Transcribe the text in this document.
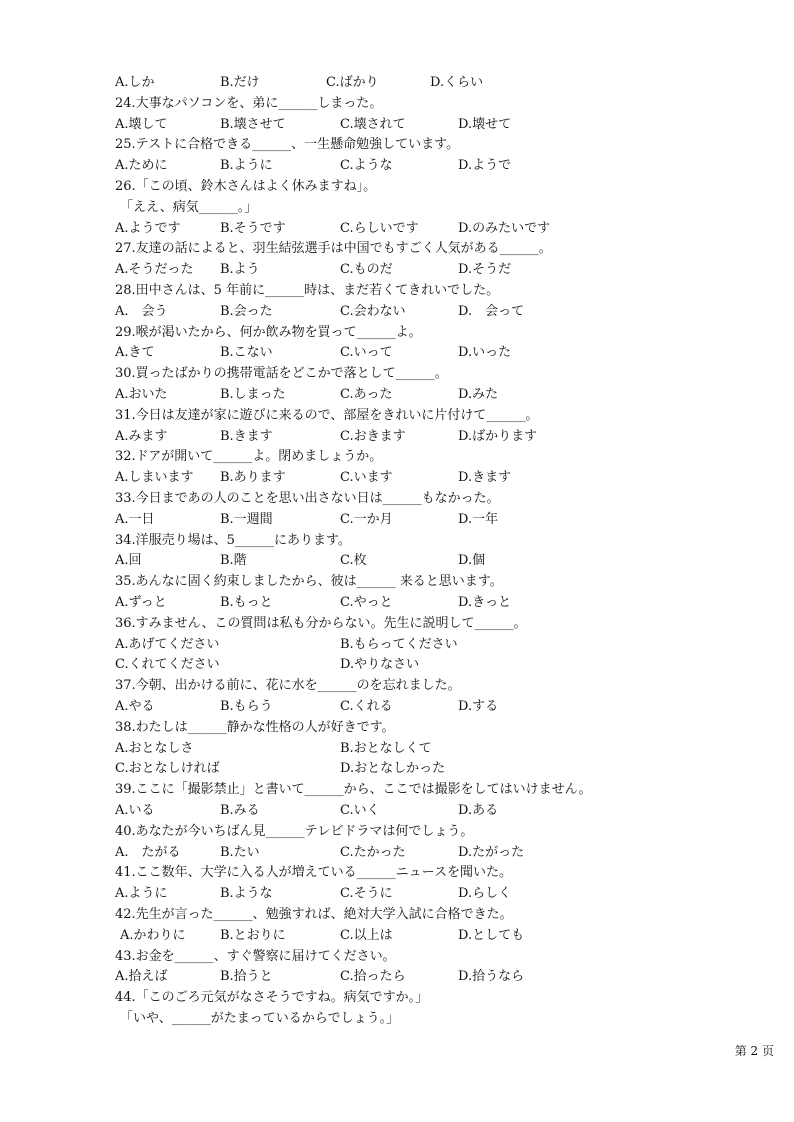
A.しか	B.だけ	C.ばかり	D.くらい
24.大事なパソコンを、弟に______しまった。
A.壊して	B.壊させて	C.壊されて	D.壊せて
25.テストに合格できる______、一生懸命勉強しています。
A.ために	B.ように	C.ような	D.ようで
26.「この頃、鈴木さんはよく休みますね」。
「ええ、病気______。」
A.ようです	B.そうです	C.らしいです	D.のみたいです
27.友達の話によると、羽生結弦選手は中国でもすごく人気がある______。
A.そうだった B.よう	C.ものだ	D.そうだ
28.田中さんは、5 年前に______時は、まだ若くてきれいでした。
A.　会う	B.会った	C.会わない	D.　会って
29.喉が渇いたから、何か飲み物を買って______よ。
A.きて	B.こない	C.いって	D.いった
30.買ったばかりの携帯電話をどこかで落として______。
A.おいた	B.しまった	C.あった	D.みた
31.今日は友達が家に遊びに来るので、部屋をきれいに片付けて______。
A.みます	B.きます	C.おきます	D.ばかります
32.ドアが開いて______よ。閉めましょうか。
A.しまいます B.あります	C.います	D.きます
33.今日まであの人のことを思い出さない日は______もなかった。
A.一日	B.一週間	C.一か月	D.一年
34.洋服売り場は、5______にあります。
A.回	B.階	C.枚	D.個
35.あんなに固く約束しましたから、彼は______ 来ると思います。
A.ずっと	B.もっと	C.やっと	D.きっと
36.すみません、この質問は私も分からない。先生に説明して______。
A.あげてください	B.もらってください
C.くれてください	D.やりなさい
37.今朝、出かける前に、花に水を______のを忘れました。
A.やる	B.もらう	C.くれる	D.する
38.わたしは______静かな性格の人が好きです。
A.おとなしさ	B.おとなしくて
C.おとなしければ	D.おとなしかった
39.ここに「撮影禁止」と書いて______から、ここでは撮影をしてはいけません。
A.いる	B.みる	C.いく	D.ある
40.あなたが今いちばん見______テレビドラマは何でしょう。
A.　たがる	B.たい	C.たかった	D.たがった
41.ここ数年、大学に入る人が増えている______ニュースを聞いた。
A.ように	B.ような	C.そうに	D.らしく
42.先生が言った______、勉強すれば、絶対大学入試に合格できた。
A.かわりに	B.とおりに	C.以上は	D.としても
43.お金を______、すぐ警察に届けてください。
A.拾えば	B.拾うと	C.拾ったら	D.拾うなら
44.「このごろ元気がなさそうですね。病気ですか。」
「いや、______がたまっているからでしょう。」
第 2 页
